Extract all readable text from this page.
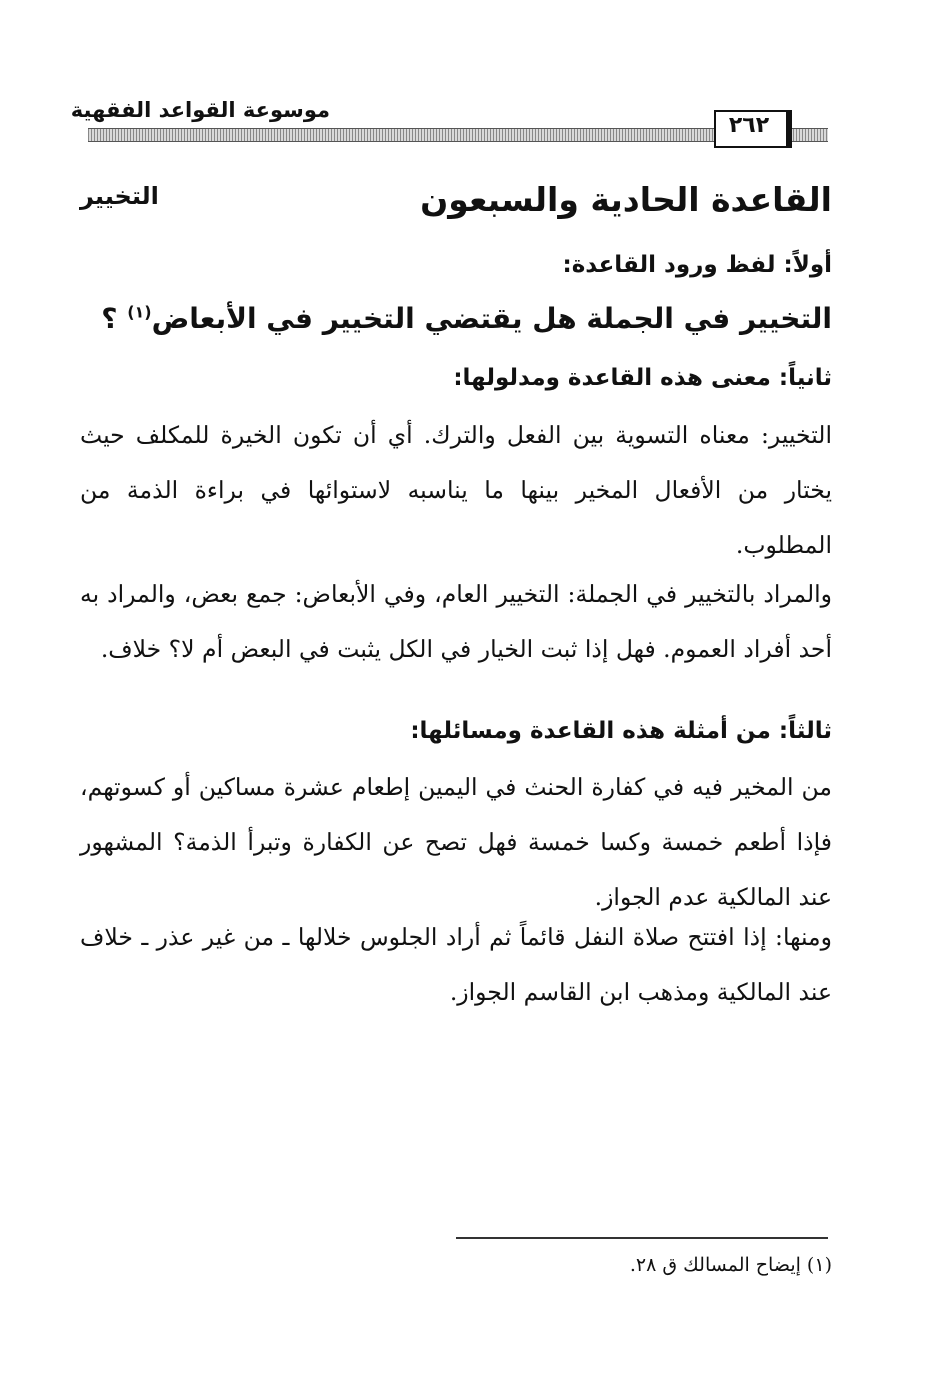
موسوعة القواعد الفقهية
٢٦٢
القاعدة الحادية والسبعون
التخيير
أولاً: لفظ ورود القاعدة:
التخيير في الجملة هل يقتضي التخيير في الأبعاض$^{(١)}$ ؟
ثانياً: معنى هذه القاعدة ومدلولها:
التخيير: معناه التسوية بين الفعل والترك. أي أن تكون الخيرة للمكلف حيث يختار من الأفعال المخير بينها ما يناسبه لاستوائها في براءة الذمة من المطلوب.
والمراد بالتخيير في الجملة: التخيير العام، وفي الأبعاض: جمع بعض، والمراد به أحد أفراد العموم. فهل إذا ثبت الخيار في الكل يثبت في البعض أم لا؟ خلاف.
ثالثاً: من أمثلة هذه القاعدة ومسائلها:
من المخير فيه في كفارة الحنث في اليمين إطعام عشرة مساكين أو كسوتهم، فإذا أطعم خمسة وكسا خمسة فهل تصح عن الكفارة وتبرأ الذمة؟ المشهور عند المالكية عدم الجواز.
ومنها: إذا افتتح صلاة النفل قائماً ثم أراد الجلوس خلالها ـ من غير عذر ـ خلاف عند المالكية ومذهب ابن القاسم الجواز.
(١) إيضاح المسالك ق ٢٨.
